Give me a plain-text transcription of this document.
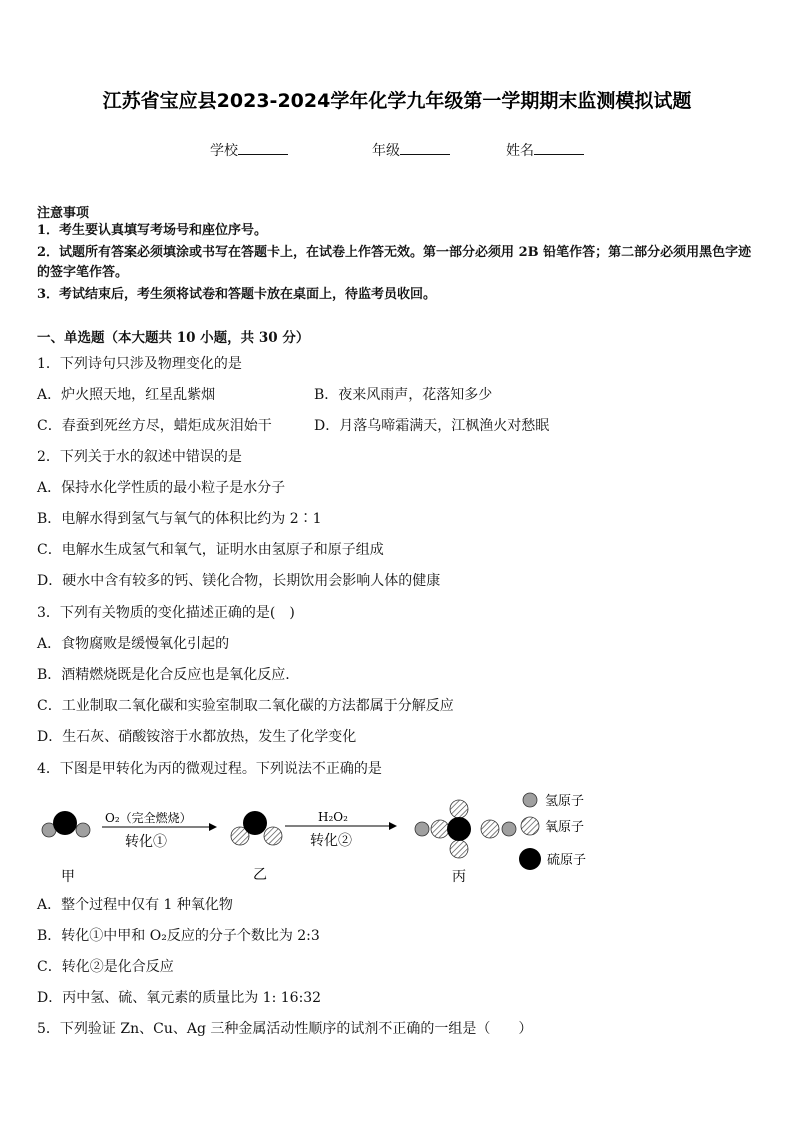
江苏省宝应县2023-2024学年化学九年级第一学期期末监测模拟试题
学校	年级	姓名
注意事项
1．考生要认真填写考场号和座位序号。
2．试题所有答案必须填涂或书写在答题卡上，在试卷上作答无效。第一部分必须用 2B 铅笔作答；第二部分必须用黑色字迹的签字笔作答。
3．考试结束后，考生须将试卷和答题卡放在桌面上，待监考员收回。
一、单选题（本大题共 10 小题，共 30 分）
1．下列诗句只涉及物理变化的是
A．炉火照天地，红星乱紫烟	B．夜来风雨声，花落知多少
C．春蚕到死丝方尽，蜡炬成灰泪始干	D．月落乌啼霜满天，江枫渔火对愁眠
2．下列关于水的叙述中错误的是
A．保持水化学性质的最小粒子是水分子
B．电解水得到氢气与氧气的体积比约为 2∶1
C．电解水生成氢气和氧气，证明水由氢原子和原子组成
D．硬水中含有较多的钙、镁化合物，长期饮用会影响人体的健康
3．下列有关物质的变化描述正确的是(　)
A．食物腐败是缓慢氧化引起的
B．酒精燃烧既是化合反应也是氧化反应.
C．工业制取二氧化碳和实验室制取二氧化碳的方法都属于分解反应
D．生石灰、硝酸铵溶于水都放热，发生了化学变化
4．下图是甲转化为丙的微观过程。下列说法不正确的是
甲
O₂（完全燃烧）
转化①
乙
H₂O₂
转化②
丙
氢原子
氧原子
硫原子
A．整个过程中仅有 1 种氧化物
B．转化①中甲和 O₂反应的分子个数比为 2:3
C．转化②是化合反应
D．丙中氢、硫、氧元素的质量比为 1: 16:32
5．下列验证 Zn、Cu、Ag 三种金属活动性顺序的试剂不正确的一组是（　　）
